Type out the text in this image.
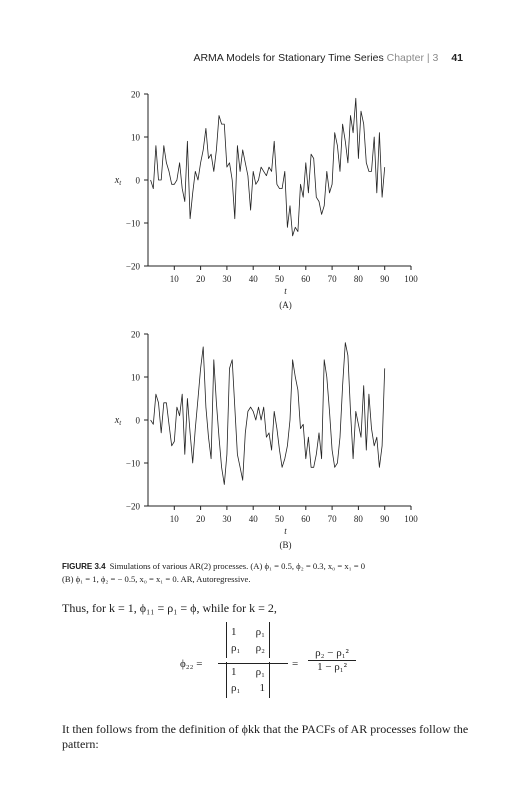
ARMA Models for Stationary Time Series Chapter | 3 41
−20
−10
0
10
20
10 20 30 40 50 60 70 80 90 100
$x_t$
t
(A)
−20
−10
0
10
20
10 20 30 40 50 60 70 80 90 100
$x_t$
t
(B)
FIGURE 3.4 Simulations of various AR(2) processes. (A) ϕ₁ = 0.5, ϕ₂ = 0.3, x₀ = x₁ = 0
(B) ϕ₁ = 1, ϕ₂ = − 0.5, x₀ = x₁ = 0. AR, Autoregressive.
Thus, for k = 1, ϕ₁₁ = ρ₁ = ϕ, while for k = 2,
ϕ₂₂ =
1 ρ₁
ρ₁ ρ₂
1 ρ₁
ρ₁ 1
= $\frac{\text{ρ₂ − ρ₁²}}{\text{1 − ρ₁²}}$
It then follows from the definition of ϕkk that the PACFs of AR processes follow the pattern:
